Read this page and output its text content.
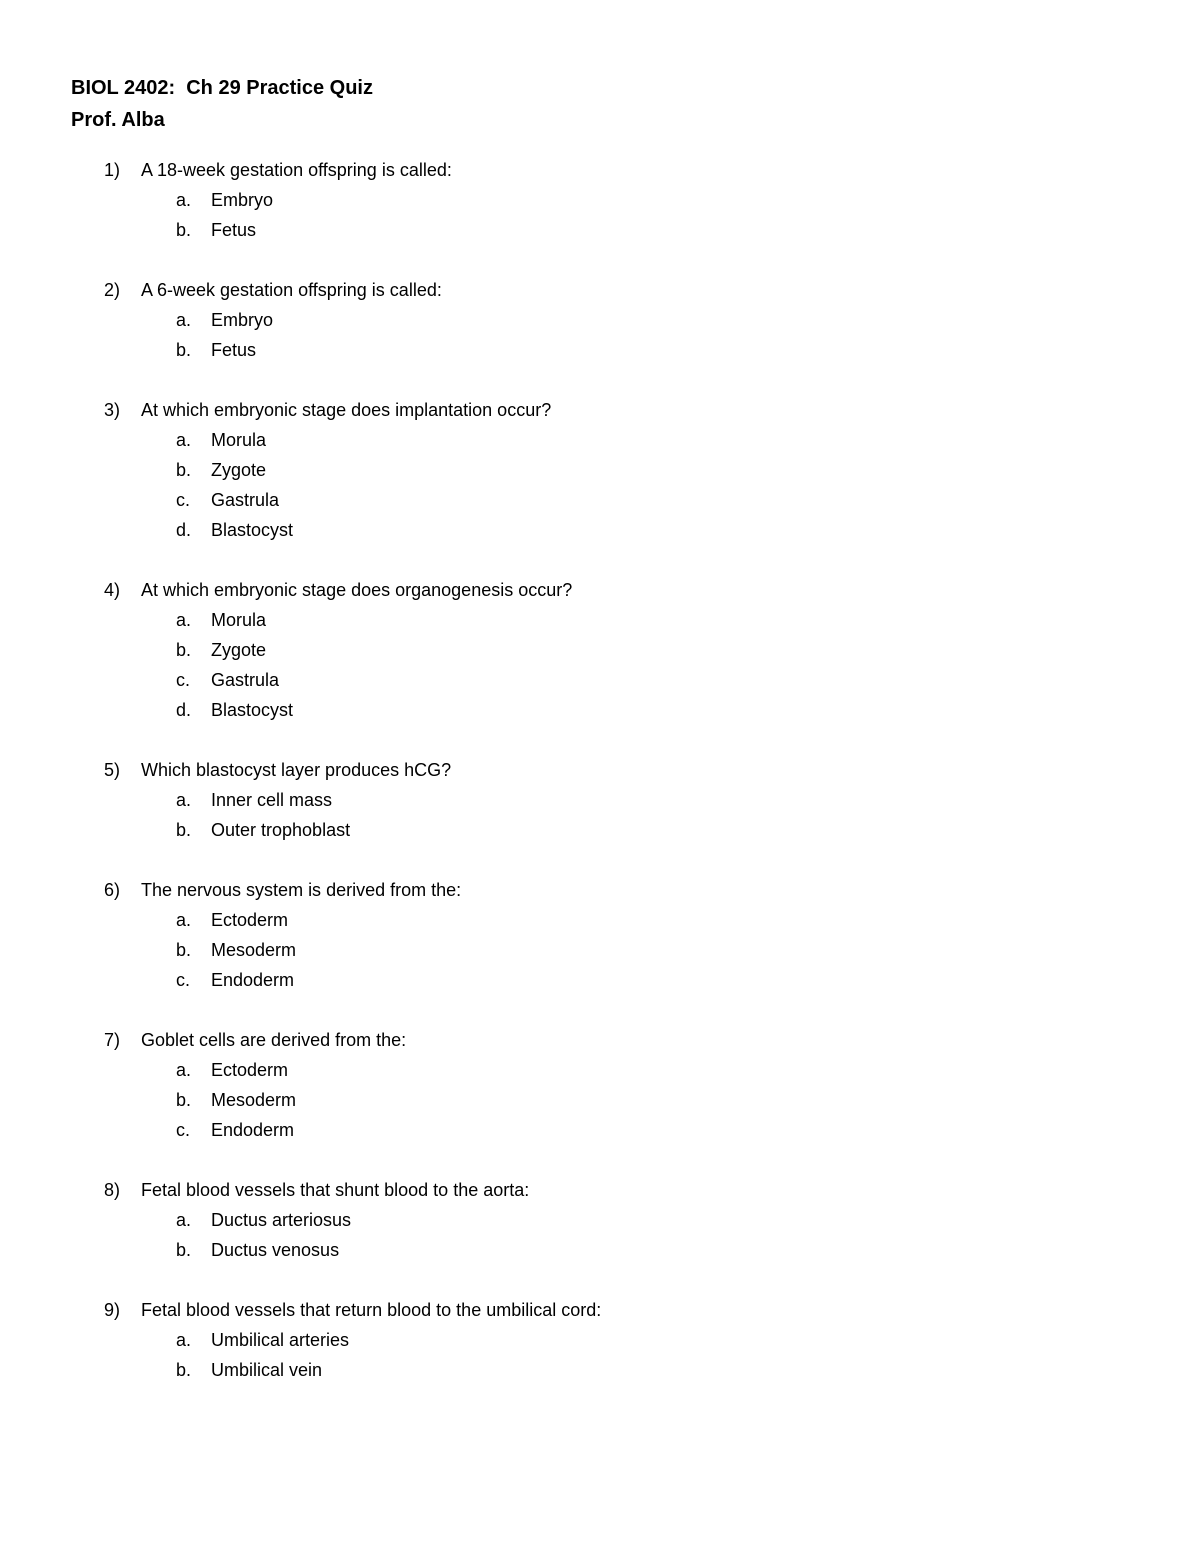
BIOL 2402:  Ch 29 Practice Quiz
Prof. Alba
1) A 18-week gestation offspring is called:
a. Embryo
b. Fetus
2) A 6-week gestation offspring is called:
a. Embryo
b. Fetus
3) At which embryonic stage does implantation occur?
a. Morula
b. Zygote
c. Gastrula
d. Blastocyst
4) At which embryonic stage does organogenesis occur?
a. Morula
b. Zygote
c. Gastrula
d. Blastocyst
5) Which blastocyst layer produces hCG?
a. Inner cell mass
b. Outer trophoblast
6) The nervous system is derived from the:
a. Ectoderm
b. Mesoderm
c. Endoderm
7) Goblet cells are derived from the:
a. Ectoderm
b. Mesoderm
c. Endoderm
8) Fetal blood vessels that shunt blood to the aorta:
a. Ductus arteriosus
b. Ductus venosus
9) Fetal blood vessels that return blood to the umbilical cord:
a. Umbilical arteries
b. Umbilical vein
